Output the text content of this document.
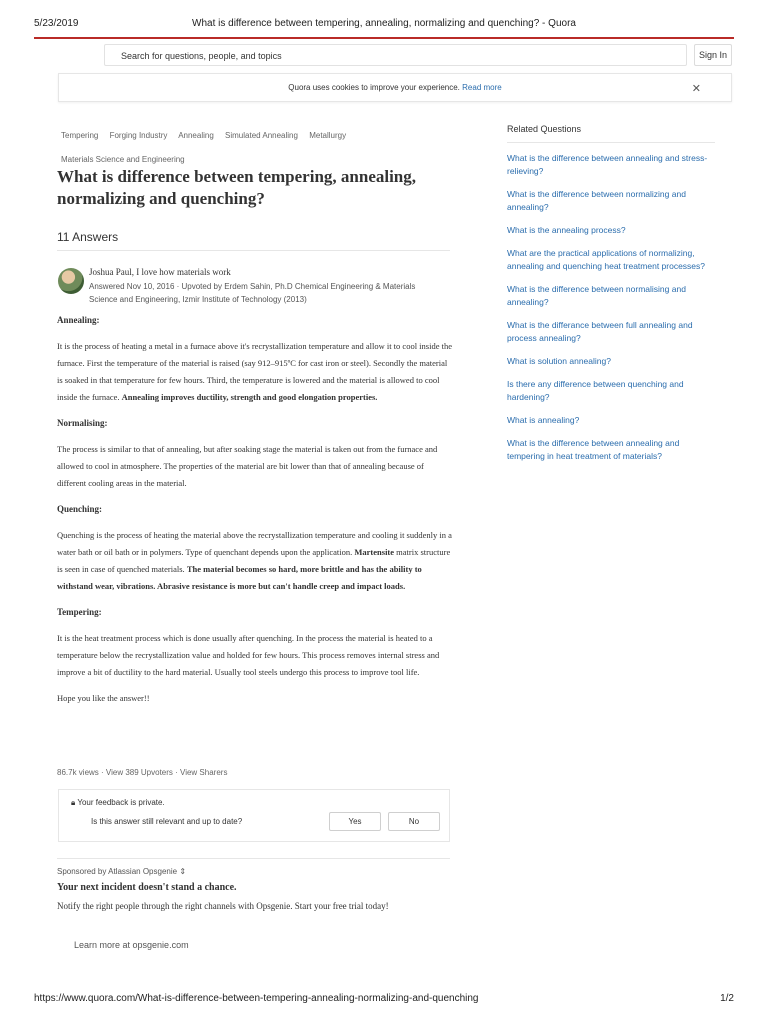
5/23/2019	What is difference between tempering, annealing, normalizing and quenching? - Quora
Search for questions, people, and topics	Sign In
Quora uses cookies to improve your experience. Read more	✕
Tempering Forging Industry Annealing Simulated Annealing Metallurgy
Materials Science and Engineering
What is difference between tempering, annealing, normalizing and quenching?
11 Answers
Joshua Paul, I love how materials work
Answered Nov 10, 2016 · Upvoted by Erdem Sahin, Ph.D Chemical Engineering & Materials Science and Engineering, Izmir Institute of Technology (2013)
Annealing:

It is the process of heating a metal in a furnace above it's recrystallization temperature and allow it to cool inside the furnace. First the temperature of the material is raised (say 912–915ºC for cast iron or steel). Secondly the material is soaked in that temperature for few hours. Third, the temperature is lowered and the material is allowed to cool inside the furnace. Annealing improves ductility, strength and good elongation properties.

Normalising:

The process is similar to that of annealing, but after soaking stage the material is taken out from the furnace and allowed to cool in atmosphere. The properties of the material are bit lower than that of annealing because of different cooling areas in the material.

Quenching:

Quenching is the process of heating the material above the recrystallization temperature and cooling it suddenly in a water bath or oil bath or in polymers. Type of quenchant depends upon the application. Martensite matrix structure is seen in case of quenched materials. The material becomes so hard, more brittle and has the ability to withstand wear, vibrations. Abrasive resistance is more but can't handle creep and impact loads.

Tempering:

It is the heat treatment process which is done usually after quenching. In the process the material is heated to a temperature below the recrystallization value and holded for few hours. This process removes internal stress and improve a bit of ductility to the hard material. Usually tool steels undergo this process to improve tool life.

Hope you like the answer!!

86.7k views · View 389 Upvoters · View Sharers
🔒︎ Your feedback is private.
Is this answer still relevant and up to date?	Yes	No
Sponsored by Atlassian Opsgenie ⇕
Your next incident doesn't stand a chance.
Notify the right people through the right channels with Opsgenie. Start your free trial today!
Learn more at opsgenie.com
Related Questions
What is the difference between annealing and stress-relieving?
What is the difference between normalizing and annealing?
What is the annealing process?
What are the practical applications of normalizing, annealing and quenching heat treatment processes?
What is the difference between normalising and annealing?
What is the differance between full annealing and process annealing?
What is solution annealing?
Is there any difference between quenching and hardening?
What is annealing?
What is the difference between annealing and tempering in heat treatment of materials?
https://www.quora.com/What-is-difference-between-tempering-annealing-normalizing-and-quenching	1/2
